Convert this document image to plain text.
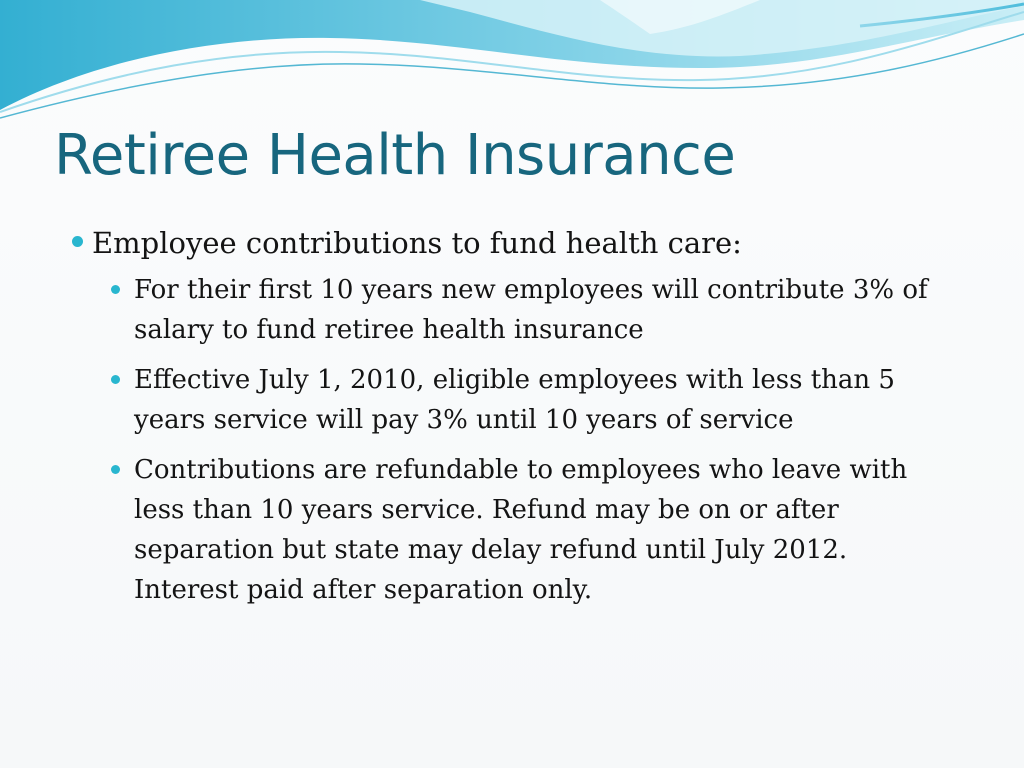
Retiree Health Insurance
Employee contributions to fund health care:
For their first 10 years new employees will contribute 3% of salary to fund retiree health insurance
Effective July 1, 2010, eligible employees with less than 5 years service will pay 3% until 10 years of service
Contributions are refundable to employees who leave with less than 10 years service. Refund may be on or after separation but state may delay refund until July 2012. Interest paid after separation only.
